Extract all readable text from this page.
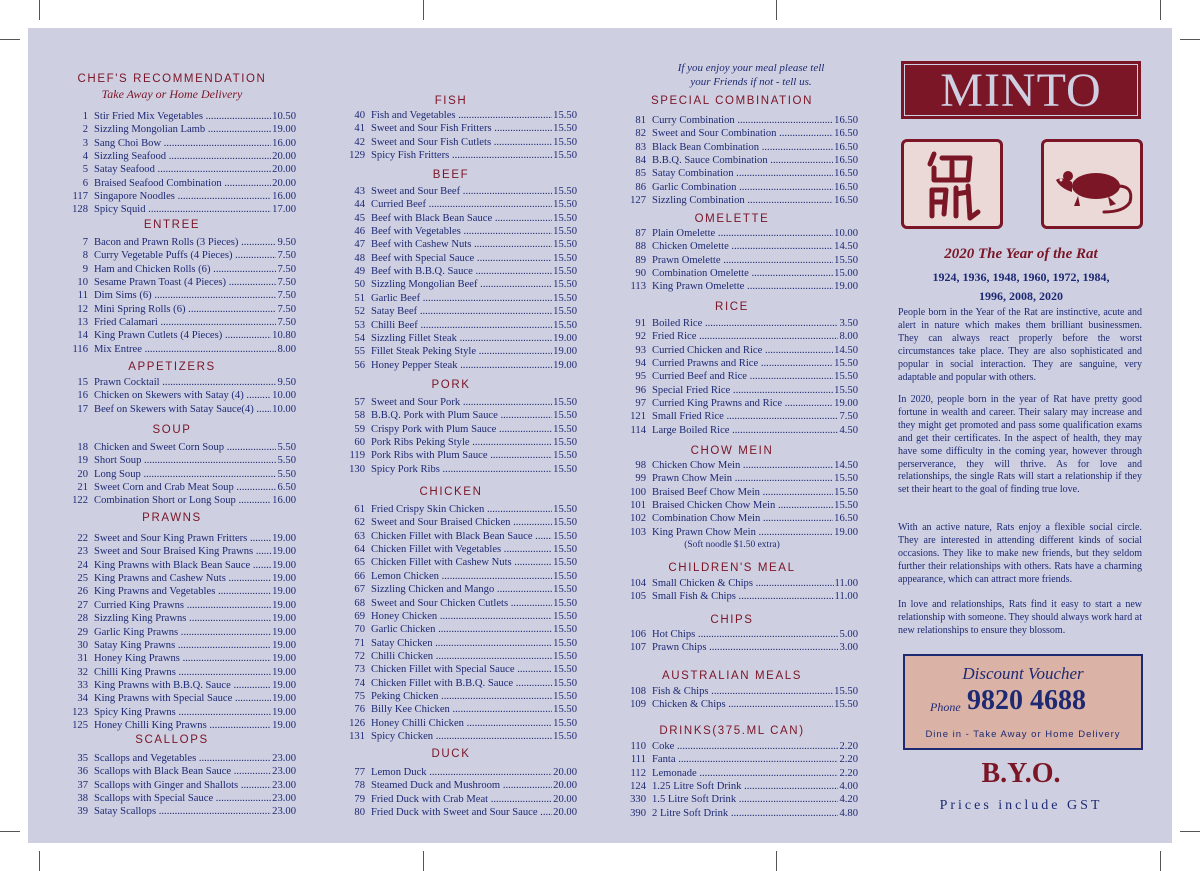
CHEF'S RECOMMENDATION
Take Away or Home Delivery
1 Stir Fried Mix Vegetables .....	10.50
2 Sizzling Mongolian Lamb .....	19.00
3 Sang Choi Bow .....	16.00
4 Sizzling Seafood .....	20.00
5 Satay Seafood .....	20.00
6 Braised Seafood Combination .....	20.00
117 Singapore Noodles .....	16.00
128 Spicy Squid .....	17.00
ENTREE
7 Bacon and Prawn Rolls (3 Pieces) .....	9.50
8 Curry Vegetable Puffs (4 Pieces) .....	7.50
9 Ham and Chicken Rolls (6) .....	7.50
10 Sesame Prawn Toast (4 Pieces) .....	7.50
11 Dim Sims (6) .....	7.50
12 Mini Spring Rolls (6) .....	7.50
13 Fried Calamari .....	7.50
14 King Prawn Cutlets (4 Pieces) .....	10.80
116 Mix Entree .....	8.00
APPETIZERS
15 Prawn Cocktail .....	9.50
16 Chicken on Skewers with Satay (4) .....	10.00
17 Beef on Skewers with Satay Sauce(4) .....	10.00
SOUP
18 Chicken and Sweet Corn Soup .....	5.50
19 Short Soup .....	5.50
20 Long Soup .....	5.50
21 Sweet Corn and Crab Meat Soup .....	6.50
122 Combination Short or Long Soup .....	16.00
PRAWNS
22 Sweet and Sour King Prawn Fritters .....	19.00
23 Sweet and Sour Braised King Prawns .....	19.00
24 King Prawns with Black Bean Sauce .....	19.00
25 King Prawns and Cashew Nuts .....	19.00
26 King Prawns and Vegetables .....	19.00
27 Curried King Prawns .....	19.00
28 Sizzling King Prawns .....	19.00
29 Garlic King Prawns .....	19.00
30 Satay King Prawns .....	19.00
31 Honey King Prawns .....	19.00
32 Chilli King Prawns .....	19.00
33 King Prawns with B.B.Q. Sauce .....	19.00
34 King Prawns with Special Sauce .....	19.00
123 Spicy King Prawns .....	19.00
125 Honey Chilli King Prawns .....	19.00
SCALLOPS
35 Scallops and Vegetables .....	23.00
36 Scallops with Black Bean Sauce .....	23.00
37 Scallops with Ginger and Shallots .....	23.00
38 Scallops with Special Sauce .....	23.00
39 Satay Scallops .....	23.00
FISH
40 Fish and Vegetables .....	15.50
41 Sweet and Sour Fish Fritters .....	15.50
42 Sweet and Sour Fish Cutlets .....	15.50
129 Spicy Fish Fritters .....	15.50
BEEF
43 Sweet and Sour Beef .....	15.50
44 Curried Beef .....	15.50
45 Beef with Black Bean Sauce .....	15.50
46 Beef with Vegetables .....	15.50
47 Beef with Cashew Nuts .....	15.50
48 Beef with Special Sauce .....	15.50
49 Beef with B.B.Q. Sauce .....	15.50
50 Sizzling Mongolian Beef .....	15.50
51 Garlic Beef .....	15.50
52 Satay Beef .....	15.50
53 Chilli Beef .....	15.50
54 Sizzling Fillet Steak .....	19.00
55 Fillet Steak Peking Style .....	19.00
56 Honey Pepper Steak .....	19.00
PORK
57 Sweet and Sour Pork .....	15.50
58 B.B.Q. Pork with Plum Sauce .....	15.50
59 Crispy Pork with Plum Sauce .....	15.50
60 Pork Ribs Peking Style .....	15.50
119 Pork Ribs with Plum Sauce .....	15.50
130 Spicy Pork Ribs .....	15.50
CHICKEN
61 Fried Crispy Skin Chicken .....	15.50
62 Sweet and Sour Braised Chicken .....	15.50
63 Chicken Fillet with Black Bean Sauce .....	15.50
64 Chicken Fillet with Vegetables .....	15.50
65 Chicken Fillet with Cashew Nuts .....	15.50
66 Lemon Chicken .....	15.50
67 Sizzling Chicken and Mango .....	15.50
68 Sweet and Sour Chicken Cutlets .....	15.50
69 Honey Chicken .....	15.50
70 Garlic Chicken .....	15.50
71 Satay Chicken .....	15.50
72 Chilli Chicken .....	15.50
73 Chicken Fillet with Special Sauce .....	15.50
74 Chicken Fillet with B.B.Q. Sauce .....	15.50
75 Peking Chicken .....	15.50
76 Billy Kee Chicken .....	15.50
126 Honey Chilli Chicken .....	15.50
131 Spicy Chicken .....	15.50
DUCK
77 Lemon Duck .....	20.00
78 Steamed Duck and Mushroom .....	20.00
79 Fried Duck with Crab Meat .....	20.00
80 Fried Duck with Sweet and Sour Sauce .....	20.00
SPECIAL COMBINATION
81 Curry Combination .....	16.50
82 Sweet and Sour Combination .....	16.50
83 Black Bean Combination .....	16.50
84 B.B.Q. Sauce Combination .....	16.50
85 Satay Combination .....	16.50
86 Garlic Combination .....	16.50
127 Sizzling Combination .....	16.50
OMELETTE
87 Plain Omelette .....	10.00
88 Chicken Omelette .....	14.50
89 Prawn Omelette .....	15.50
90 Combination Omelette .....	15.00
113 King Prawn Omelette .....	19.00
RICE
91 Boiled Rice .....	3.50
92 Fried Rice .....	8.00
93 Curried Chicken and Rice .....	14.50
94 Curried Prawns and Rice .....	15.50
95 Curried Beef and Rice .....	15.50
96 Special Fried Rice .....	15.50
97 Curried King Prawns and Rice .....	19.00
121 Small Fried Rice .....	7.50
114 Large Boiled Rice .....	4.50
CHOW MEIN
98 Chicken Chow Mein .....	14.50
99 Prawn Chow Mein .....	15.50
100 Braised Beef Chow Mein .....	15.50
101 Braised Chicken Chow Mein .....	15.50
102 Combination Chow Mein .....	16.50
103 King Prawn Chow Mein .....	19.00
(Soft noodle $1.50 extra)
CHILDREN'S MEAL
104 Small Chicken & Chips .....	11.00
105 Small Fish & Chips .....	11.00
CHIPS
106 Hot Chips .....	5.00
107 Prawn Chips .....	3.00
AUSTRALIAN MEALS
108 Fish & Chips .....	15.50
109 Chicken & Chips .....	15.50
DRINKS(375.ML CAN)
110 Coke .....	2.20
111 Fanta .....	2.20
112 Lemonade .....	2.20
124 1.25 Litre Soft Drink .....	4.00
330 1.5 Litre Soft Drink .....	4.20
390 2 Litre Soft Drink .....	4.80
If you enjoy your meal please tell
your Friends if not - tell us.	MINTO
2020 The Year of the Rat
1924, 1936, 1948, 1960, 1972, 1984,
1996, 2008, 2020
People born in the Year of the Rat are instinctive, acute and alert in nature which makes them brilliant businessmen. They can always react properly before the worst circumstances take place. They are also sophisticated and popular in social interaction. They are sanguine, very adaptable and popular with others.
In 2020, people born in the year of Rat have pretty good fortune in wealth and career. Their salary may increase and they might get promoted and pass some qualification exams and get their certificates. In the aspect of health, they may have some difficulty in the coming year, however through perserverance, they will thrive. As for love and relationships, the single Rats will start a relationship if they set their heart to the goal of finding true love.
With an active nature, Rats enjoy a flexible social circle. They are interested in attending different kinds of social occasions. They like to make new friends, but they seldom further their relationships with others. Rats have a charming appearance, which can attract more friends.
In love and relationships, Rats find it easy to start a new relationship with someone. They should always work hard at new relationships to ensure they blossom.
Discount Voucher
Phone 9820 4688
Dine in - Take Away or Home Delivery
B.Y.O.
Prices include GST
